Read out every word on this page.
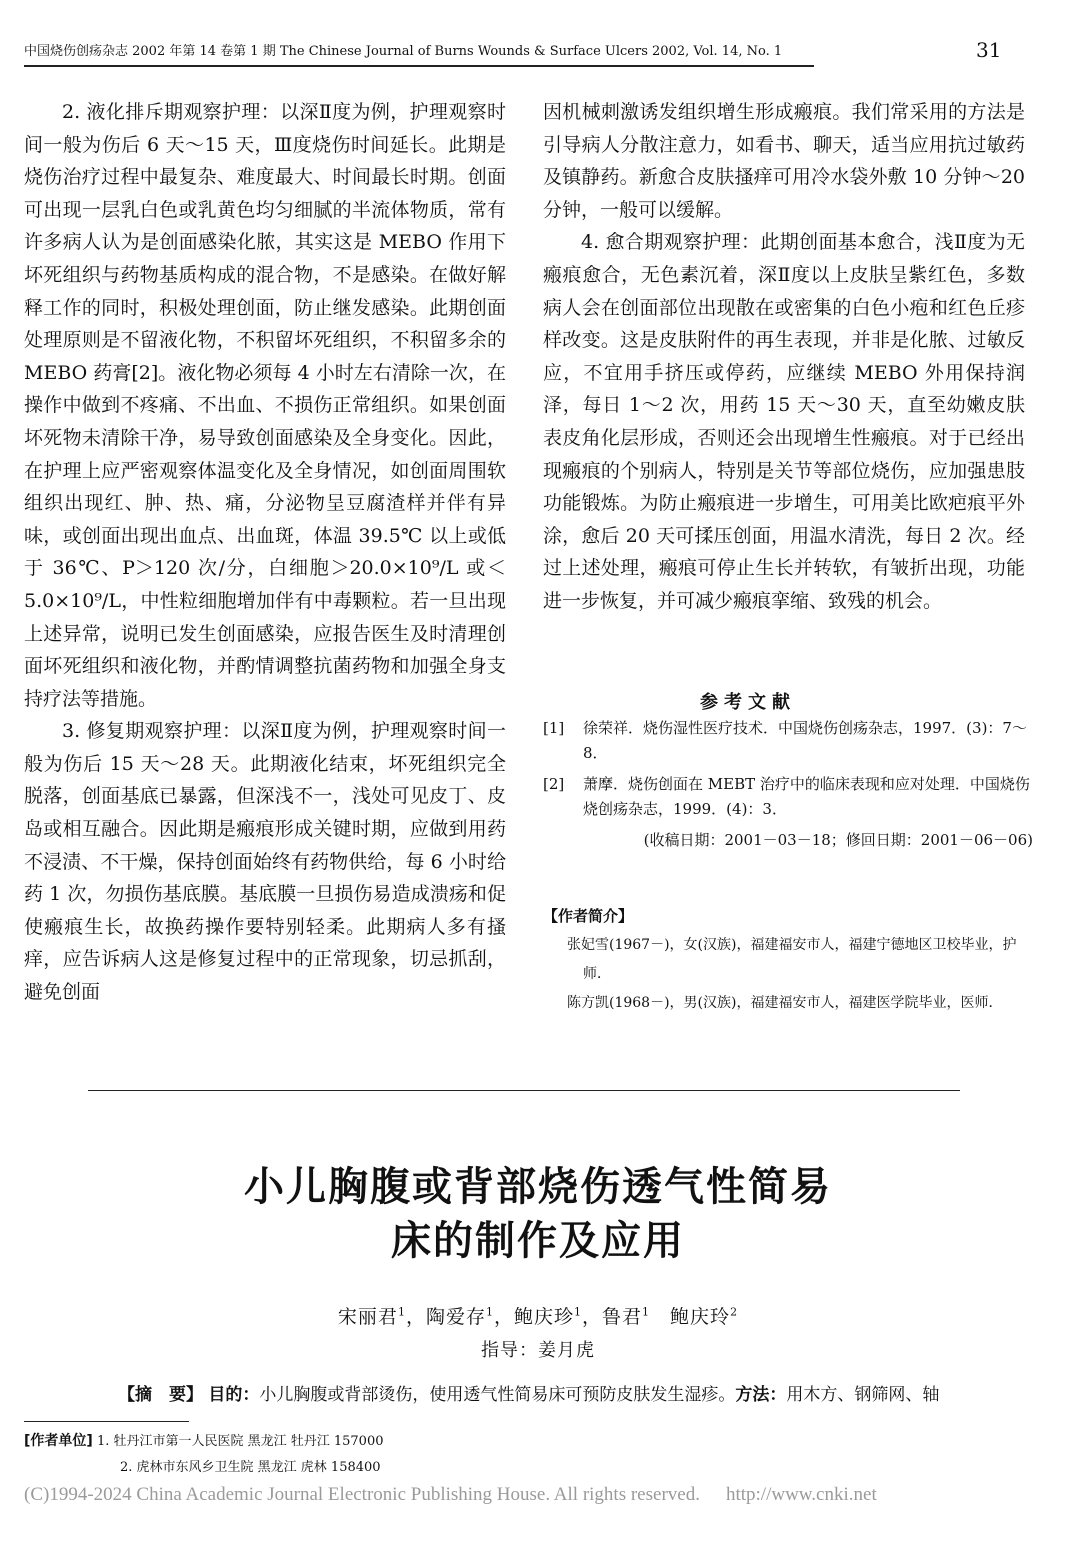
中国烧伤创疡杂志 2002 年第 14 卷第 1 期 The Chinese Journal of Burns Wounds & Surface Ulcers 2002, Vol. 14, No. 1	31

2. 液化排斥期观察护理：以深Ⅱ度为例，护理观察时间一般为伤后 6 天～15 天，Ⅲ度烧伤时间延长。此期是烧伤治疗过程中最复杂、难度最大、时间最长时期。创面可出现一层乳白色或乳黄色均匀细腻的半流体物质，常有许多病人认为是创面感染化脓，其实这是 MEBO 作用下坏死组织与药物基质构成的混合物，不是感染。在做好解释工作的同时，积极处理创面，防止继发感染。此期创面处理原则是不留液化物，不积留坏死组织，不积留多余的 MEBO 药膏[2]。液化物必须每 4 小时左右清除一次，在操作中做到不疼痛、不出血、不损伤正常组织。如果创面坏死物未清除干净，易导致创面感染及全身变化。因此，在护理上应严密观察体温变化及全身情况，如创面周围软组织出现红、肿、热、痛，分泌物呈豆腐渣样并伴有异味，或创面出现出血点、出血斑，体温 39.5℃ 以上或低于 36℃、P＞120 次/分，白细胞＞20.0×10⁹/L 或＜5.0×10⁹/L，中性粒细胞增加伴有中毒颗粒。若一旦出现上述异常，说明已发生创面感染，应报告医生及时清理创面坏死组织和液化物，并酌情调整抗菌药物和加强全身支持疗法等措施。

3. 修复期观察护理：以深Ⅱ度为例，护理观察时间一般为伤后 15 天～28 天。此期液化结束，坏死组织完全脱落，创面基底已暴露，但深浅不一，浅处可见皮丁、皮岛或相互融合。因此期是瘢痕形成关键时期，应做到用药不浸渍、不干燥，保持创面始终有药物供给，每 6 小时给药 1 次，勿损伤基底膜。基底膜一旦损伤易造成溃疡和促使瘢痕生长，故换药操作要特别轻柔。此期病人多有搔痒，应告诉病人这是修复过程中的正常现象，切忌抓刮，避免创面

因机械刺激诱发组织增生形成瘢痕。我们常采用的方法是引导病人分散注意力，如看书、聊天，适当应用抗过敏药及镇静药。新愈合皮肤搔痒可用冷水袋外敷 10 分钟～20 分钟，一般可以缓解。

4. 愈合期观察护理：此期创面基本愈合，浅Ⅱ度为无瘢痕愈合，无色素沉着，深Ⅱ度以上皮肤呈紫红色，多数病人会在创面部位出现散在或密集的白色小疱和红色丘疹样改变。这是皮肤附件的再生表现，并非是化脓、过敏反应，不宜用手挤压或停药，应继续 MEBO 外用保持润泽，每日 1～2 次，用药 15 天～30 天，直至幼嫩皮肤表皮角化层形成，否则还会出现增生性瘢痕。对于已经出现瘢痕的个别病人，特别是关节等部位烧伤，应加强患肢功能锻炼。为防止瘢痕进一步增生，可用美比欧疤痕平外涂，愈后 20 天可揉压创面，用温水清洗，每日 2 次。经过上述处理，瘢痕可停止生长并转软，有皱折出现，功能进一步恢复，并可减少瘢痕挛缩、致残的机会。

参考文献
[1] 徐荣祥．烧伤湿性医疗技术．中国烧伤创疡杂志，1997．(3)：7～8．
[2] 萧摩．烧伤创面在 MEBT 治疗中的临床表现和应对处理．中国烧伤烧创疡杂志，1999．(4)：3．
(收稿日期：2001－03－18；修回日期：2001－06－06)
【作者简介】
张妃雪(1967－)，女(汉族)，福建福安市人，福建宁德地区卫校毕业，护师．
陈方凯(1968－)，男(汉族)，福建福安市人，福建医学院毕业，医师．
小儿胸腹或背部烧伤透气性简易
床的制作及应用
宋丽君$^1$，陶爱存$^1$，鲍庆珍$^1$，鲁君$^1$　 鲍庆玲$^2$
指导：姜月虎
【摘　要】 目的：小儿胸腹或背部烫伤，使用透气性简易床可预防皮肤发生湿疹。方法：用木方、钢筛网、轴
[作者单位] 1. 牡丹江市第一人民医院 黑龙江 牡丹江 157000
2. 虎林市东风乡卫生院 黑龙江 虎林 158400
(C)1994-2024 China Academic Journal Electronic Publishing House. All rights reserved. http://www.cnki.net
